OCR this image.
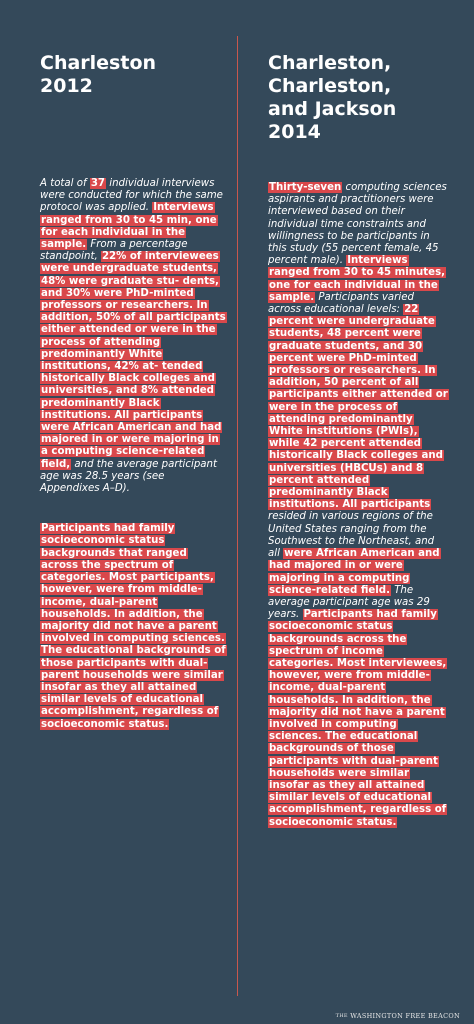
Charleston
2012

A total of 37 individual interviews were conducted for which the same protocol was applied. Interviews ranged from 30 to 45 min, one for each individual in the sample. From a percentage standpoint, 22% of interviewees were undergraduate students, 48% were graduate stu- dents, and 30% were PhD-minted professors or researchers. In addition, 50% of all participants either attended or were in the process of attending predominantly White institutions, 42% at- tended historically Black colleges and universities, and 8% attended predominantly Black institutions. All participants were African American and had majored in or were majoring in a computing science-related field, and the average participant age was 28.5 years (see Appendixes A–D).

Participants had family socioeconomic status backgrounds that ranged across the spectrum of categories. Most participants, however, were from middle-income, dual-parent households. In addition, the majority did not have a parent involved in computing sciences. The educational backgrounds of those participants with dual-parent households were similar insofar as they all attained similar levels of educational accomplishment, regardless of socioeconomic status.

Charleston,
Charleston,
and Jackson
2014

Thirty-seven computing sciences aspirants and practitioners were interviewed based on their individual time constraints and willingness to be participants in this study (55 percent female, 45 percent male). Interviews ranged from 30 to 45 minutes, one for each individual in the sample. Participants varied across educational levels: 22 percent were undergraduate students, 48 percent were graduate students, and 30 percent were PhD-minted professors or researchers. In addition, 50 percent of all participants either attended or were in the process of attending predominantly White institutions (PWIs), while 42 percent attended historically Black colleges and universities (HBCUs) and 8 percent attended predominantly Black institutions. All participants resided in various regions of the United States ranging from the Southwest to the Northeast, and all were African American and had majored in or were majoring in a computing science-related field. The average participant age was 29 years. Participants had family socioeconomic status backgrounds across the spectrum of income categories. Most interviewees, however, were from middle-income, dual-parent households. In addition, the majority did not have a parent involved in computing sciences. The educational backgrounds of those participants with dual-parent households were similar insofar as they all attained similar levels of educational accomplishment, regardless of socioeconomic status.

THE WASHINGTON FREE BEACON
